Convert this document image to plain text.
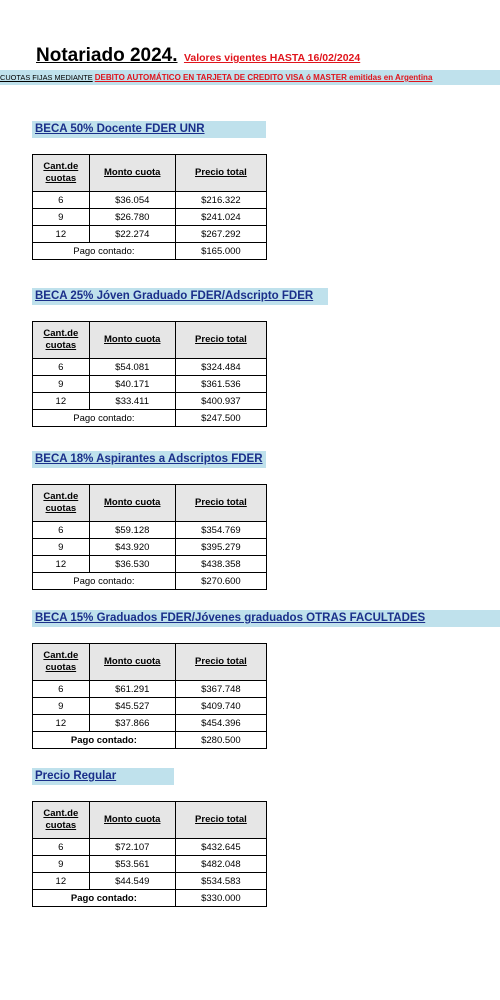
Notariado 2024. Valores vigentes HASTA 16/02/2024
CUOTAS FIJAS MEDIANTE DEBITO AUTOMÁTICO EN TARJETA DE CREDITO VISA ó MASTER emitidas en Argentina
BECA 50% Docente FDER UNR
Cant.de cuotas	Monto cuota	Precio total
6	$36.054	$216.322
9	$26.780	$241.024
12	$22.274	$267.292
Pago contado:		$165.000
BECA 25% Jóven Graduado FDER/Adscripto FDER
Cant.de cuotas	Monto cuota	Precio total
6	$54.081	$324.484
9	$40.171	$361.536
12	$33.411	$400.937
Pago contado:		$247.500
BECA 18% Aspirantes a Adscriptos FDER
Cant.de cuotas	Monto cuota	Precio total
6	$59.128	$354.769
9	$43.920	$395.279
12	$36.530	$438.358
Pago contado:		$270.600
BECA 15% Graduados FDER/Jóvenes graduados OTRAS FACULTADES
Cant.de cuotas	Monto cuota	Precio total
6	$61.291	$367.748
9	$45.527	$409.740
12	$37.866	$454.396
Pago contado:		$280.500
Precio Regular
Cant.de cuotas	Monto cuota	Precio total
6	$72.107	$432.645
9	$53.561	$482.048
12	$44.549	$534.583
Pago contado:		$330.000
